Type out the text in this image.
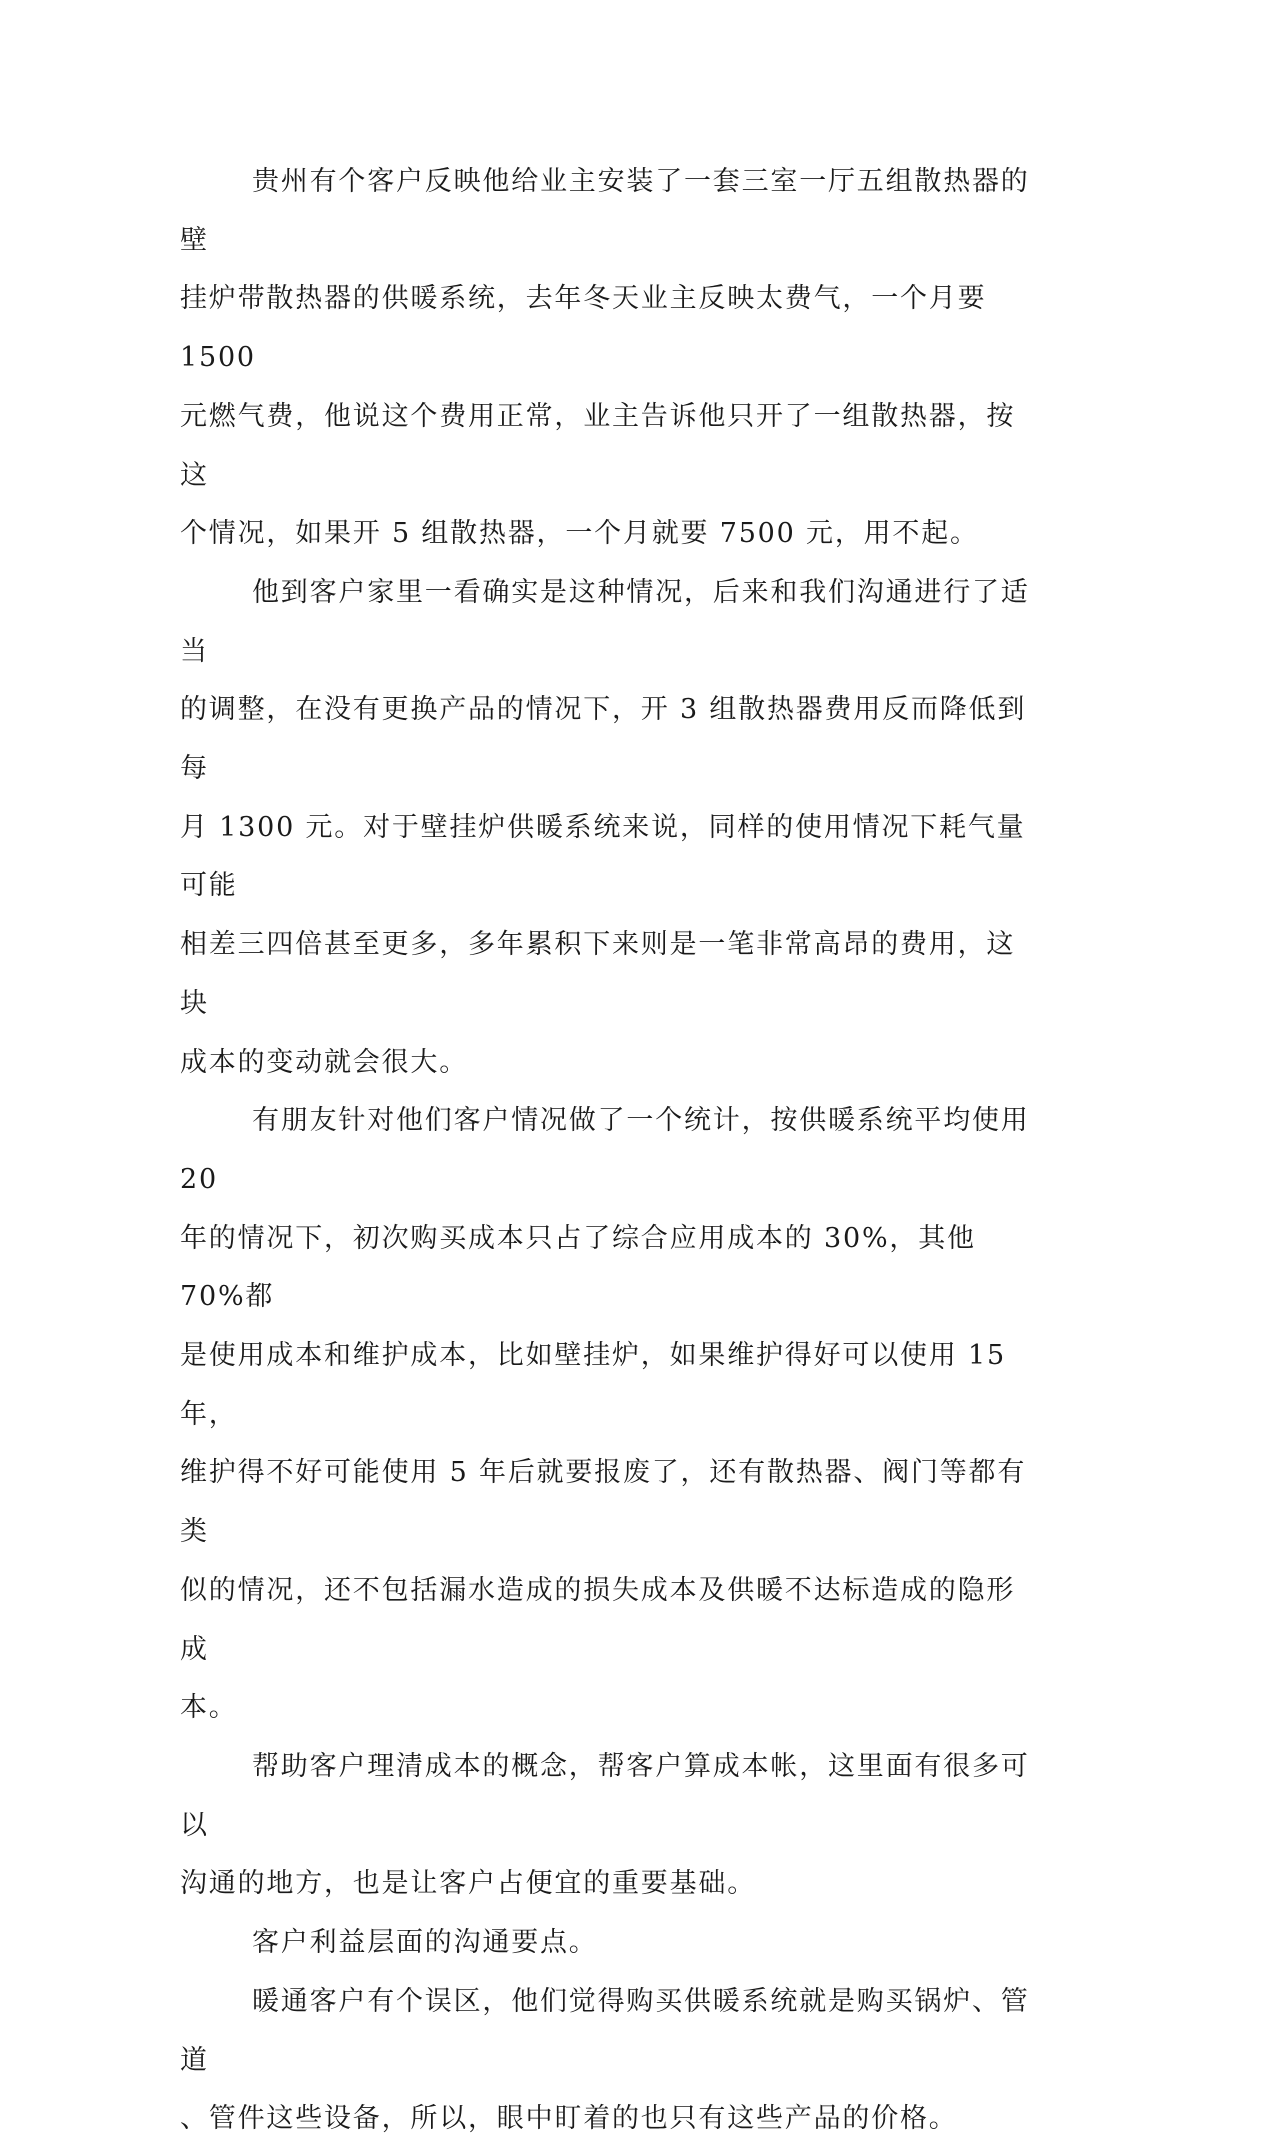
贵州有个客户反映他给业主安装了一套三室一厅五组散热器的壁
挂炉带散热器的供暖系统，去年冬天业主反映太费气，一个月要 1500
元燃气费，他说这个费用正常，业主告诉他只开了一组散热器，按这
个情况，如果开 5 组散热器，一个月就要 7500 元，用不起。

他到客户家里一看确实是这种情况，后来和我们沟通进行了适当
的调整，在没有更换产品的情况下，开 3 组散热器费用反而降低到每
月 1300 元。对于壁挂炉供暖系统来说，同样的使用情况下耗气量可能
相差三四倍甚至更多，多年累积下来则是一笔非常高昂的费用，这块
成本的变动就会很大。

有朋友针对他们客户情况做了一个统计，按供暖系统平均使用 20
年的情况下，初次购买成本只占了综合应用成本的 30%，其他 70%都
是使用成本和维护成本，比如壁挂炉，如果维护得好可以使用 15 年，
维护得不好可能使用 5 年后就要报废了，还有散热器、阀门等都有类
似的情况，还不包括漏水造成的损失成本及供暖不达标造成的隐形成
本。

帮助客户理清成本的概念，帮客户算成本帐，这里面有很多可以
沟通的地方，也是让客户占便宜的重要基础。

客户利益层面的沟通要点。

暖通客户有个误区，他们觉得购买供暖系统就是购买锅炉、管道
、管件这些设备，所以，眼中盯着的也只有这些产品的价格。
